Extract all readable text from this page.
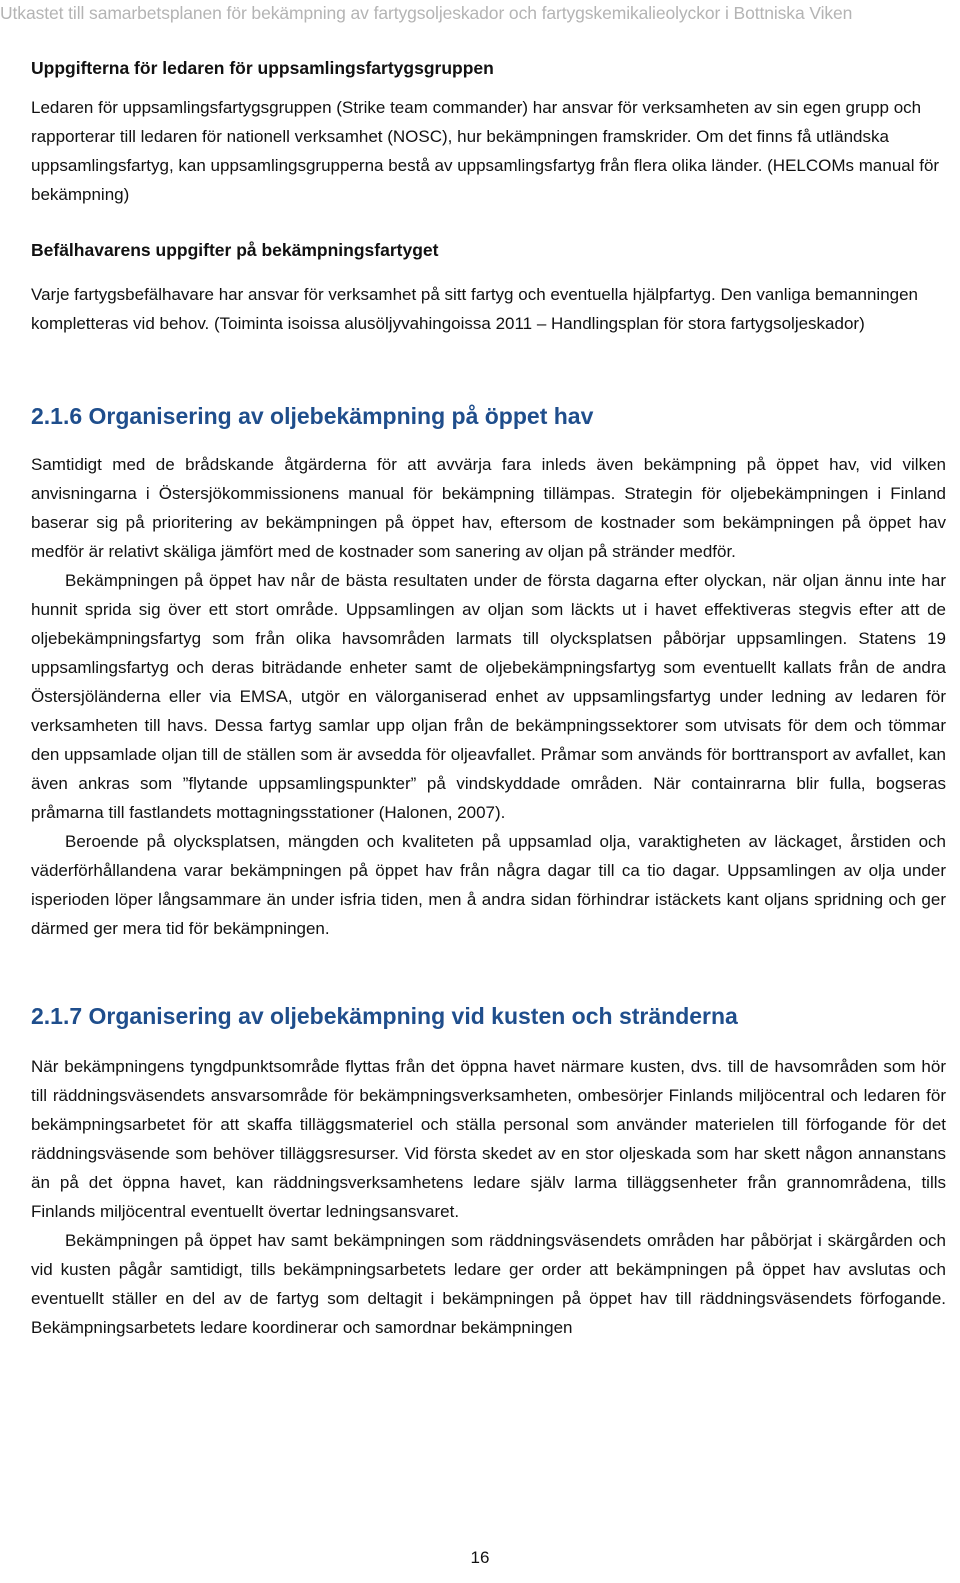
Utkastet till samarbetsplanen för bekämpning av fartygsoljeskador och fartygskemikalieolyckor i Bottniska Viken
Uppgifterna för ledaren för uppsamlingsfartygsgruppen

Ledaren för uppsamlingsfartygsgruppen (Strike team commander) har ansvar för verksamheten av sin egen grupp och rapporterar till ledaren för nationell verksamhet (NOSC), hur bekämpningen framskrider. Om det finns få utländska uppsamlingsfartyg, kan uppsamlingsgrupperna bestå av uppsamlingsfartyg från flera olika länder. (HELCOMs manual för bekämpning)

Befälhavarens uppgifter på bekämpningsfartyget

Varje fartygsbefälhavare har ansvar för verksamhet på sitt fartyg och eventuella hjälpfartyg. Den vanliga bemanningen kompletteras vid behov. (Toiminta isoissa alusöljyvahingoissa 2011 – Handlingsplan för stora fartygsoljeskador)

2.1.6 Organisering av oljebekämpning på öppet hav

Samtidigt med de brådskande åtgärderna för att avvärja fara inleds även bekämpning på öppet hav, vid vilken anvisningarna i Östersjökommissionens manual för bekämpning tillämpas. Strategin för oljebekämpningen i Finland baserar sig på prioritering av bekämpningen på öppet hav, eftersom de kostnader som bekämpningen på öppet hav medför är relativt skäliga jämfört med de kostnader som sanering av oljan på stränder medför.

Bekämpningen på öppet hav når de bästa resultaten under de första dagarna efter olyckan, när oljan ännu inte har hunnit sprida sig över ett stort område. Uppsamlingen av oljan som läckts ut i havet effektiveras stegvis efter att de oljebekämpningsfartyg som från olika havsområden larmats till olycksplatsen påbörjar uppsamlingen. Statens 19 uppsamlingsfartyg och deras biträdande enheter samt de oljebekämpningsfartyg som eventuellt kallats från de andra Östersjöländerna eller via EMSA, utgör en välorganiserad enhet av uppsamlingsfartyg under ledning av ledaren för verksamheten till havs. Dessa fartyg samlar upp oljan från de bekämpningssektorer som utvisats för dem och tömmar den uppsamlade oljan till de ställen som är avsedda för oljeavfallet. Pråmar som används för borttransport av avfallet, kan även ankras som ”flytande uppsamlingspunkter” på vindskyddade områden. När containrarna blir fulla, bogseras pråmarna till fastlandets mottagningsstationer (Halonen, 2007).

Beroende på olycksplatsen, mängden och kvaliteten på uppsamlad olja, varaktigheten av läckaget, årstiden och väderförhållandena varar bekämpningen på öppet hav från några dagar till ca tio dagar. Uppsamlingen av olja under isperioden löper långsammare än under isfria tiden, men å andra sidan förhindrar istäckets kant oljans spridning och ger därmed ger mera tid för bekämpningen.

2.1.7 Organisering av oljebekämpning vid kusten och stränderna

När bekämpningens tyngdpunktsområde flyttas från det öppna havet närmare kusten, dvs. till de havsområden som hör till räddningsväsendets ansvarsområde för bekämpningsverksamheten, ombesörjer Finlands miljöcentral och ledaren för bekämpningsarbetet för att skaffa tilläggsmateriel och ställa personal som använder materielen till förfogande för det räddningsväsende som behöver tilläggsresurser. Vid första skedet av en stor oljeskada som har skett någon annanstans än på det öppna havet, kan räddningsverksamhetens ledare själv larma tilläggsenheter från grannområdena, tills Finlands miljöcentral eventuellt övertar ledningsansvaret.

Bekämpningen på öppet hav samt bekämpningen som räddningsväsendets områden har påbörjat i skärgården och vid kusten pågår samtidigt, tills bekämpningsarbetets ledare ger order att bekämpningen på öppet hav avslutas och eventuellt ställer en del av de fartyg som deltagit i bekämpningen på öppet hav till räddningsväsendets förfogande. Bekämpningsarbetets ledare koordinerar och samordnar bekämpningen

16
